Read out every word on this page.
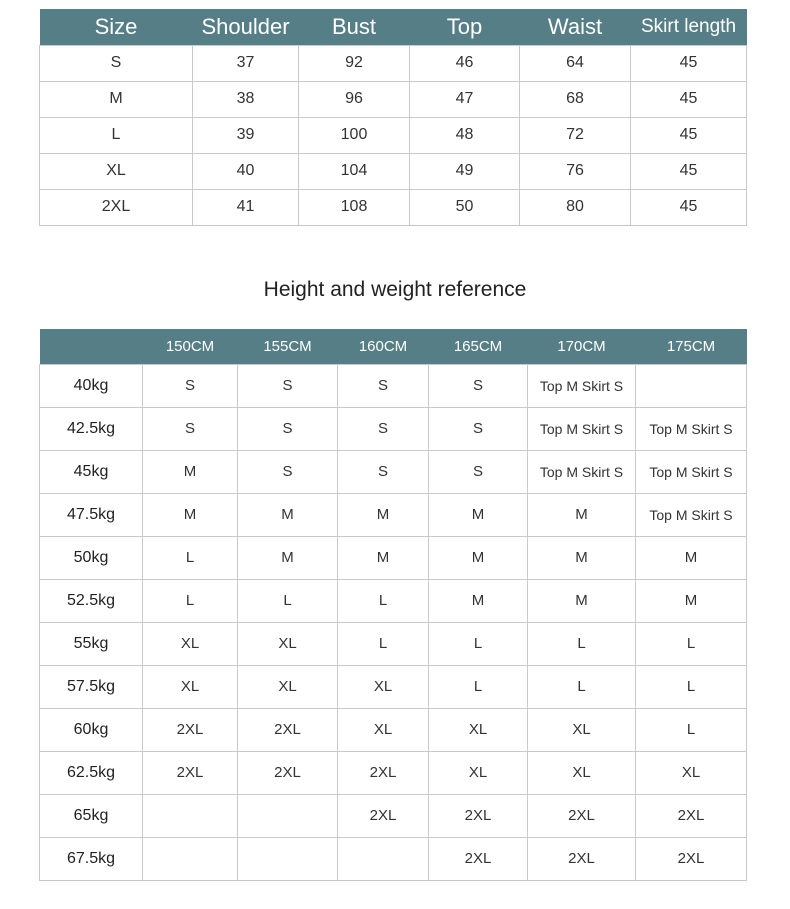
Size	Shoulder	Bust	Top	Waist	Skirt length
S	37	92	46	64	45
M	38	96	47	68	45
L	39	100	48	72	45
XL	40	104	49	76	45
2XL	41	108	50	80	45
Height and weight reference
	150CM	155CM	160CM	165CM	170CM	175CM
40kg	S	S	S	S	Top M Skirt S	
42.5kg	S	S	S	S	Top M Skirt S	Top M Skirt S
45kg	M	S	S	S	Top M Skirt S	Top M Skirt S
47.5kg	M	M	M	M	M	Top M Skirt S
50kg	L	M	M	M	M	M
52.5kg	L	L	L	M	M	M
55kg	XL	XL	L	L	L	L
57.5kg	XL	XL	XL	L	L	L
60kg	2XL	2XL	XL	XL	XL	L
62.5kg	2XL	2XL	2XL	XL	XL	XL
65kg			2XL	2XL	2XL	2XL
67.5kg				2XL	2XL	2XL
